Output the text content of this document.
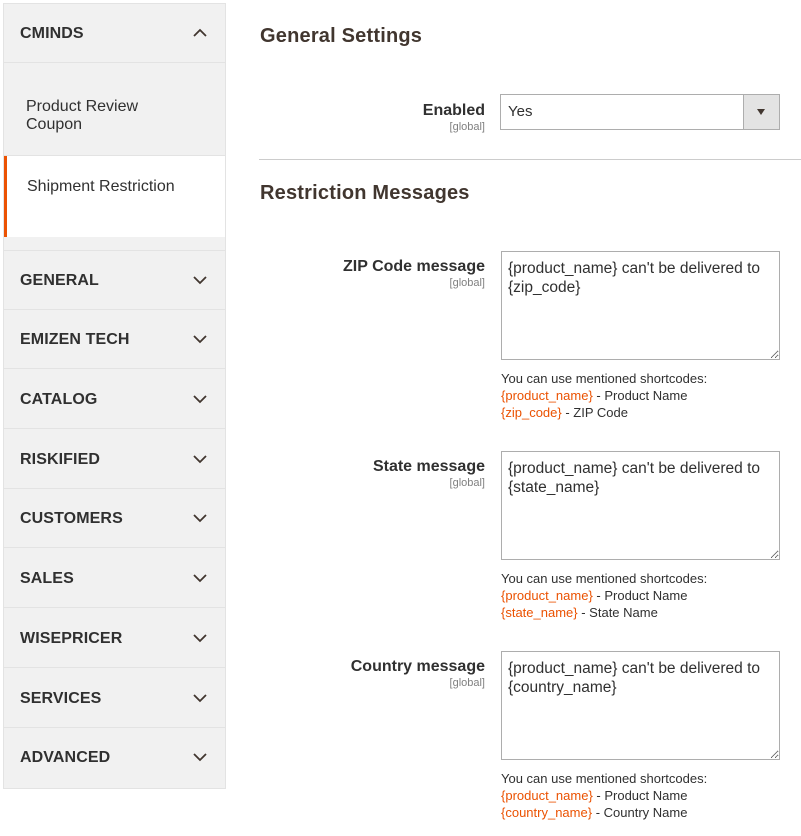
CMINDS
Product Review Coupon
Shipment Restriction
GENERAL
EMIZEN TECH
CATALOG
RISKIFIED
CUSTOMERS
SALES
WISEPRICER
SERVICES
ADVANCED
General Settings
Enabled
[global]
Yes
Restriction Messages
ZIP Code message
[global]
{product_name} can't be delivered to {zip_code}
You can use mentioned shortcodes:
{product_name} - Product Name
{zip_code} - ZIP Code
State message
[global]
{product_name} can't be delivered to {state_name}
You can use mentioned shortcodes:
{product_name} - Product Name
{state_name} - State Name
Country message
[global]
{product_name} can't be delivered to {country_name}
You can use mentioned shortcodes:
{product_name} - Product Name
{country_name} - Country Name
